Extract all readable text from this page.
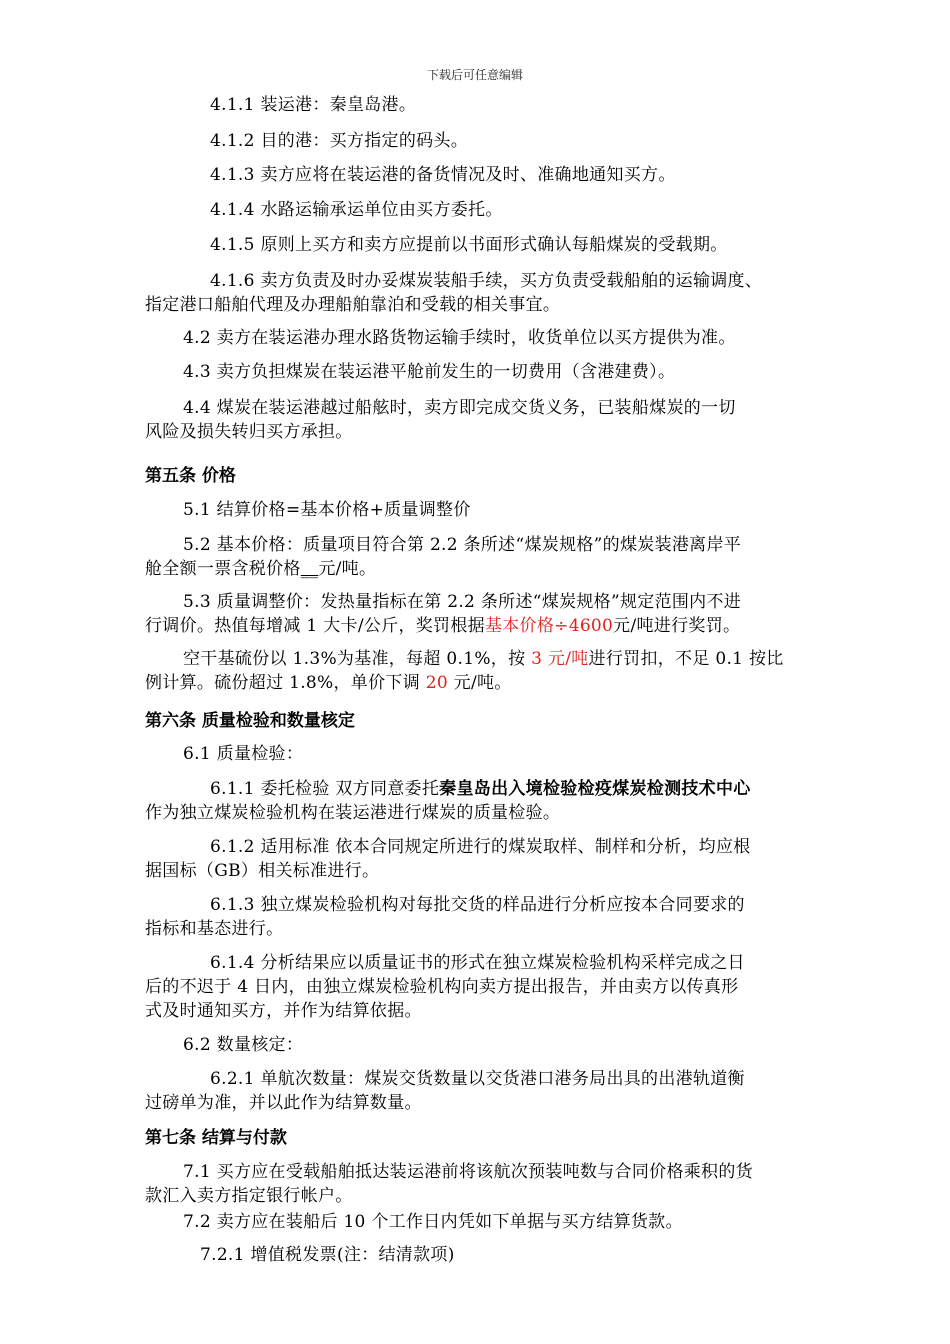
下载后可任意编辑
4.1.1 装运港：秦皇岛港。
4.1.2 目的港：买方指定的码头。
4.1.3 卖方应将在装运港的备货情况及时、准确地通知买方。
4.1.4 水路运输承运单位由买方委托。
4.1.5 原则上买方和卖方应提前以书面形式确认每船煤炭的受载期。
4.1.6 卖方负责及时办妥煤炭装船手续，买方负责受载船舶的运输调度、
指定港口船舶代理及办理船舶靠泊和受载的相关事宜。
4.2 卖方在装运港办理水路货物运输手续时，收货单位以买方提供为准。
4.3 卖方负担煤炭在装运港平舱前发生的一切费用（含港建费）。
4.4 煤炭在装运港越过船舷时，卖方即完成交货义务，已装船煤炭的一切
风险及损失转归买方承担。
第五条 价格
5.1 结算价格=基本价格+质量调整价
5.2 基本价格：质量项目符合第 2.2 条所述“煤炭规格”的煤炭装港离岸平
舱全额一票含税价格__元/吨。
5.3 质量调整价：发热量指标在第 2.2 条所述“煤炭规格”规定范围内不进
行调价。热值每增减 1 大卡/公斤，奖罚根据基本价格÷4600元/吨进行奖罚。
空干基硫份以 1.3%为基准，每超 0.1%，按 3 元/吨进行罚扣，不足 0.1 按比
例计算。硫份超过 1.8%，单价下调 20 元/吨。
第六条 质量检验和数量核定
6.1 质量检验：
6.1.1 委托检验 双方同意委托秦皇岛出入境检验检疫煤炭检测技术中心
作为独立煤炭检验机构在装运港进行煤炭的质量检验。
6.1.2 适用标准 依本合同规定所进行的煤炭取样、制样和分析，均应根
据国标（GB）相关标准进行。
6.1.3 独立煤炭检验机构对每批交货的样品进行分析应按本合同要求的
指标和基态进行。
6.1.4 分析结果应以质量证书的形式在独立煤炭检验机构采样完成之日
后的不迟于 4 日内，由独立煤炭检验机构向卖方提出报告，并由卖方以传真形
式及时通知买方，并作为结算依据。
6.2 数量核定：
6.2.1 单航次数量：煤炭交货数量以交货港口港务局出具的出港轨道衡
过磅单为准，并以此作为结算数量。
第七条 结算与付款
7.1 买方应在受载船舶抵达装运港前将该航次预装吨数与合同价格乘积的货
款汇入卖方指定银行帐户。
7.2 卖方应在装船后 10 个工作日内凭如下单据与买方结算货款。
7.2.1 增值税发票(注：结清款项)
